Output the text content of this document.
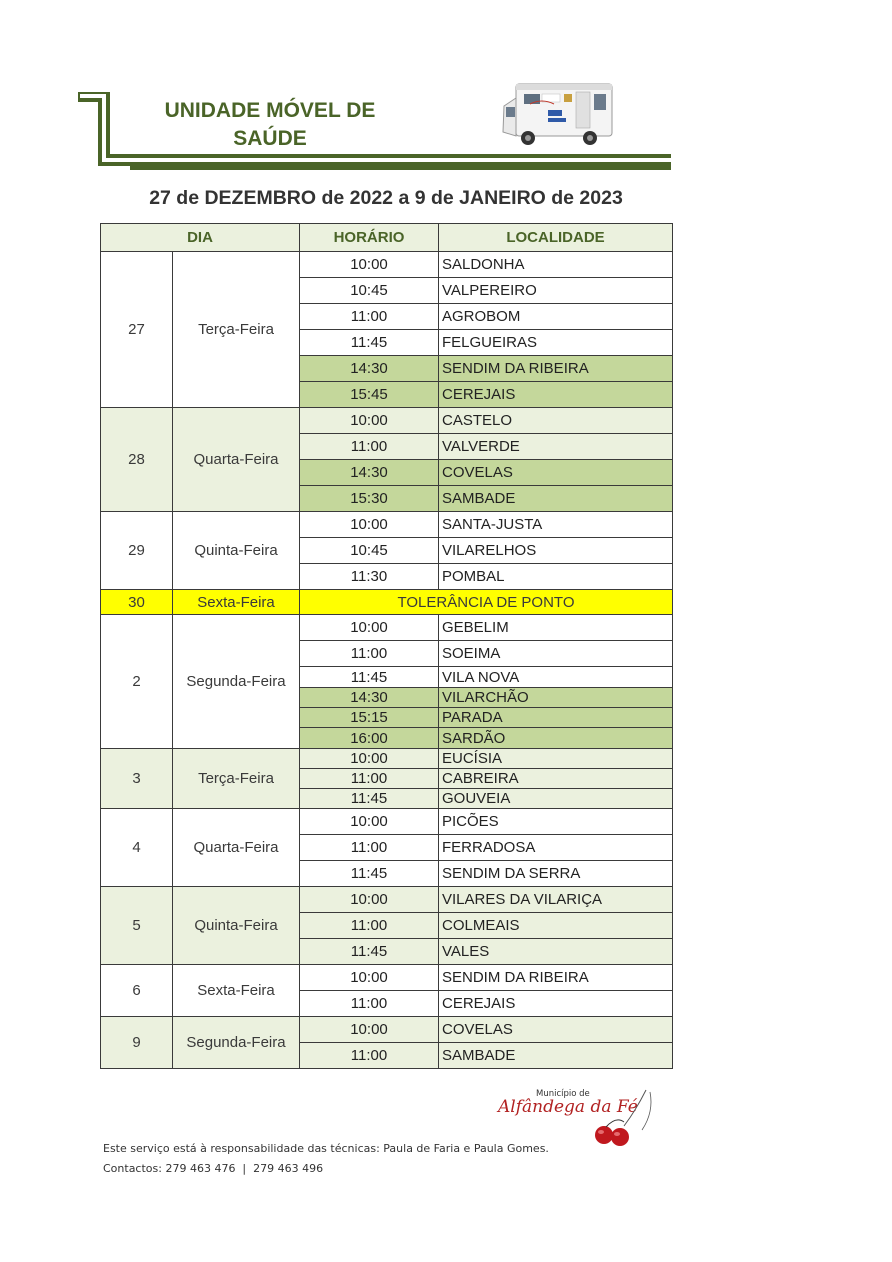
UNIDADE MÓVEL DE SAÚDE
27 de DEZEMBRO de 2022 a 9 de JANEIRO de 2023
DIA		HORÁRIO	LOCALIDADE
27	Terça-Feira	10:00	SALDONHA
		10:45	VALPEREIRO
		11:00	AGROBOM
		11:45	FELGUEIRAS
		14:30	SENDIM DA RIBEIRA
		15:45	CEREJAIS
28	Quarta-Feira	10:00	CASTELO
		11:00	VALVERDE
		14:30	COVELAS
		15:30	SAMBADE
29	Quinta-Feira	10:00	SANTA-JUSTA
		10:45	VILARELHOS
		11:30	POMBAL
30	Sexta-Feira	TOLERÂNCIA DE PONTO	
2	Segunda-Feira	10:00	GEBELIM
		11:00	SOEIMA
		11:45	VILA NOVA
		14:30	VILARCHÃO
		15:15	PARADA
		16:00	SARDÃO
3	Terça-Feira	10:00	EUCÍSIA
		11:00	CABREIRA
		11:45	GOUVEIA
4	Quarta-Feira	10:00	PICÕES
		11:00	FERRADOSA
		11:45	SENDIM DA SERRA
5	Quinta-Feira	10:00	VILARES DA VILARIÇA
		11:00	COLMEAIS
		11:45	VALES
6	Sexta-Feira	10:00	SENDIM DA RIBEIRA
		11:00	CEREJAIS
9	Segunda-Feira	10:00	COVELAS
		11:00	SAMBADE
Município de
Alfândega da Fé
Este serviço está à responsabilidade das técnicas: Paula de Faria e Paula Gomes.
Contactos: 279 463 476  |  279 463 496
